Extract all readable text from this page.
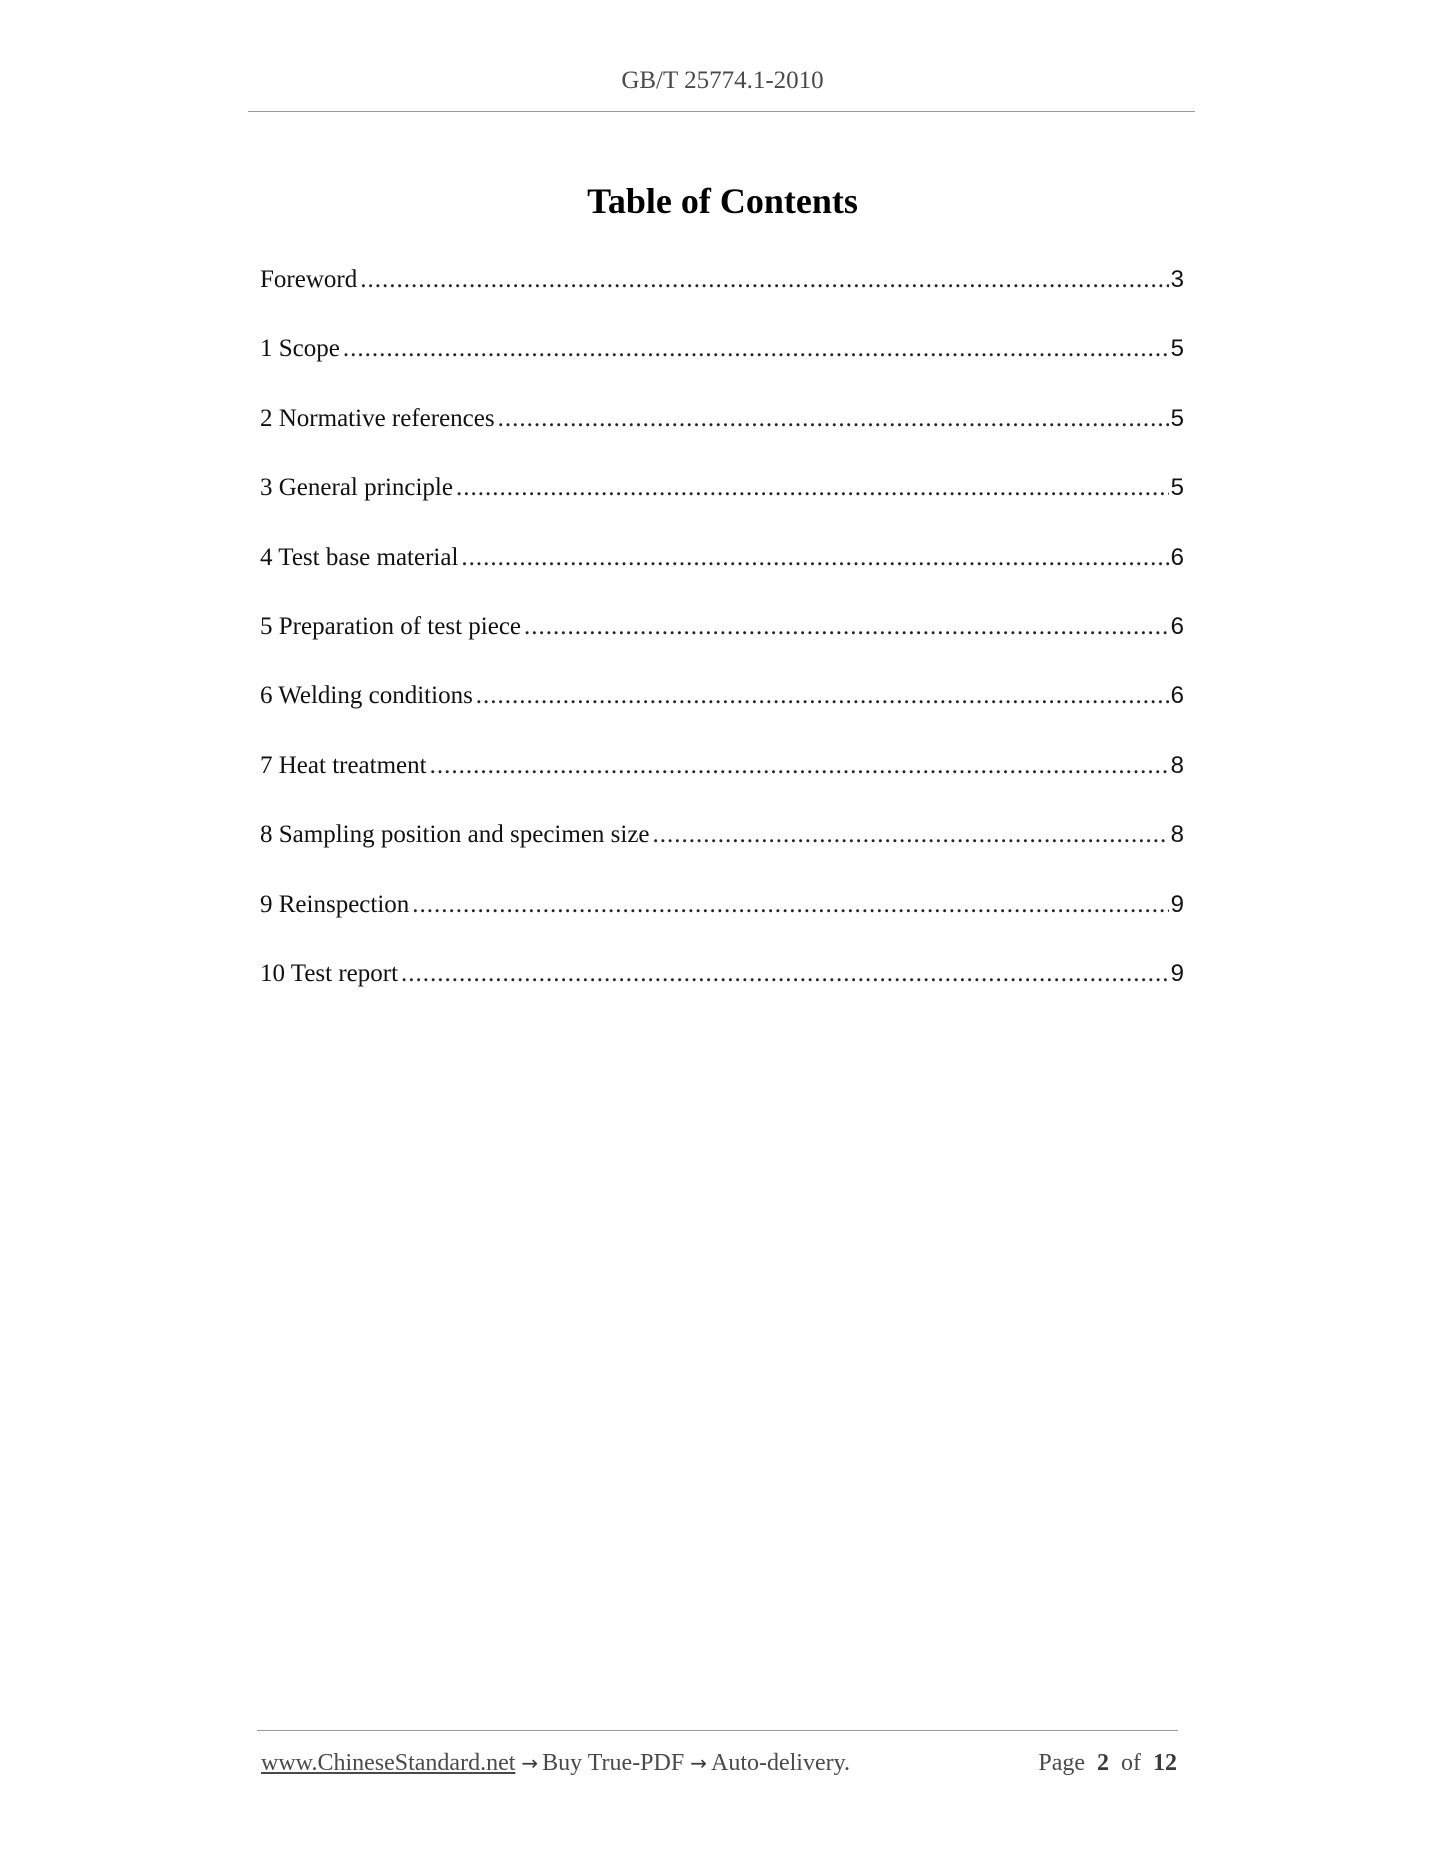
GB/T 25774.1-2010
Table of Contents
Foreword .....	3
1 Scope .....	5
2 Normative references .....	5
3 General principle .....	5
4 Test base material .....	6
5 Preparation of test piece .....	6
6 Welding conditions .....	6
7 Heat treatment .....	8
8 Sampling position and specimen size .....	8
9 Reinspection .....	9
10 Test report .....	9
www.ChineseStandard.net → Buy True-PDF → Auto-delivery.	Page 2 of 12
